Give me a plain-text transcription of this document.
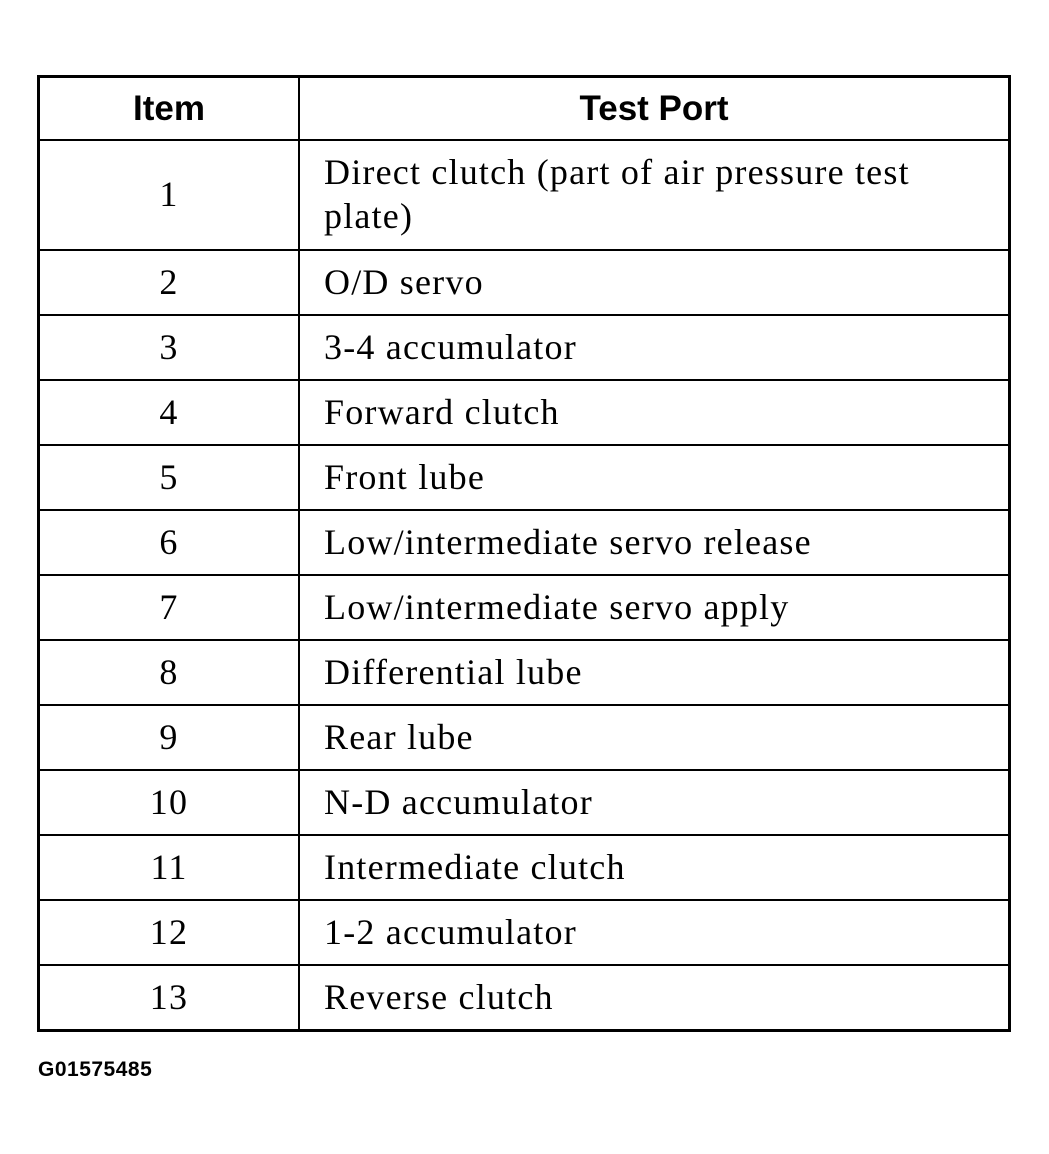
Item	Test Port
1	Direct clutch (part of air pressure test plate)
2	O/D servo
3	3-4 accumulator
4	Forward clutch
5	Front lube
6	Low/intermediate servo release
7	Low/intermediate servo apply
8	Differential lube
9	Rear lube
10	N-D accumulator
11	Intermediate clutch
12	1-2 accumulator
13	Reverse clutch
G01575485
